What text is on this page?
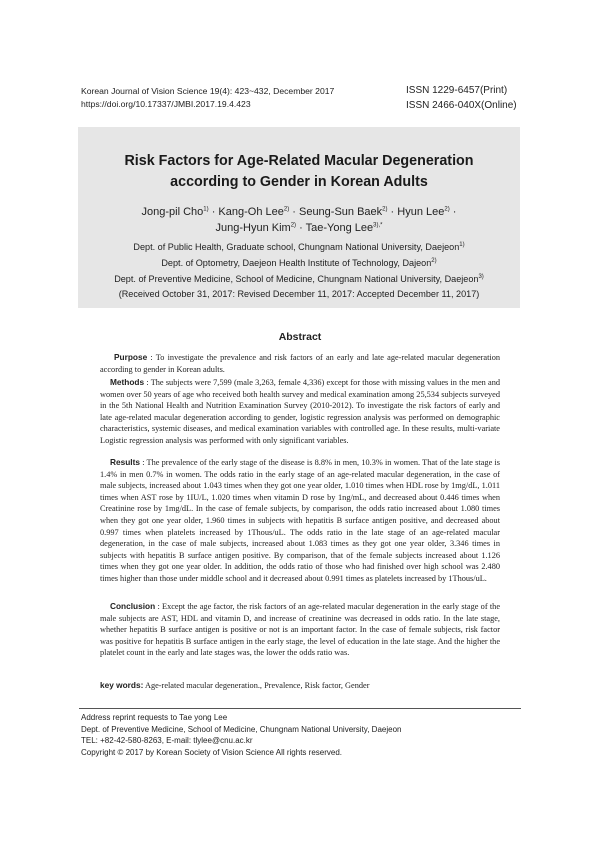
Korean Journal of Vision Science 19(4): 423~432, December 2017
https://doi.org/10.17337/JMBI.2017.19.4.423
ISSN 1229-6457(Print)
ISSN 2466-040X(Online)
Risk Factors for Age-Related Macular Degeneration
according to Gender in Korean Adults
Jong-pil Cho$^{1)}$ · Kang-Oh Lee$^{2)}$ · Seung-Sun Baek$^{2)}$ · Hyun Lee$^{2)}$ ·
Jung-Hyun Kim$^{2)}$ · Tae-Yong Lee$^{3),*}$
Dept. of Public Health, Graduate school, Chungnam National University, Daejeon$^{1)}$
Dept. of Optometry, Daejeon Health Institute of Technology, Dajeon$^{2)}$
Dept. of Preventive Medicine, School of Medicine, Chungnam National University, Daejeon$^{3)}$
(Received October 31, 2017: Revised December 11, 2017: Accepted December 11, 2017)
Abstract

Purpose : To investigate the prevalence and risk factors of an early and late age-related macular degeneration according to gender in Korean adults.

Methods : The subjects were 7,599 (male 3,263, female 4,336) except for those with missing values in the men and women over 50 years of age who received both health survey and medical examination among 25,534 subjects surveyed in the 5th National Health and Nutrition Examination Survey (2010-2012). To investigate the risk factors of early and late age-related macular degeneration according to gender, logistic regression analysis was performed on demographic characteristics, systemic diseases, and medical examination variables with controlled age. In these results, multi-variate Logistic regression analysis was performed with only significant variables.

Results : The prevalence of the early stage of the disease is 8.8% in men, 10.3% in women. That of the late stage is 1.4% in men 0.7% in women. The odds ratio in the early stage of an age-related macular degeneration, in the case of male subjects, increased about 1.043 times when they got one year older, 1.010 times when HDL rose by 1mg/dL, 1.011 times when AST rose by 1IU/L, 1.020 times when vitamin D rose by 1ng/mL, and decreased about 0.446 times when Creatinine rose by 1mg/dL. In the case of female subjects, by comparison, the odds ratio increased about 1.080 times when they got one year older, 1.960 times in subjects with hepatitis B surface antigen positive, and decreased about 0.997 times when platelets increased by 1Thous/uL. The odds ratio in the late stage of an age-related macular degeneration, in the case of male subjects, increased about 1.083 times as they got one year older, 3.346 times in subjects with hepatitis B surface antigen positive. By comparison, that of the female subjects increased about 1.126 times when they got one year older. In addition, the odds ratio of those who had finished over high school was 2.480 times higher than those under middle school and it decreased about 0.991 times as platelets increased by 1Thous/uL.

Conclusion : Except the age factor, the risk factors of an age-related macular degeneration in the early stage of the male subjects are AST, HDL and vitamin D, and increase of creatinine was decreased in odds ratio. In the late stage, whether hepatitis B surface antigen is positive or not is an important factor. In the case of female subjects, risk factor was positive for hepatitis B surface antigen in the early stage, the level of education in the late stage. And the higher the platelet count in the early and late stages was, the lower the odds ratio was.

key words: Age-related macular degeneration., Prevalence, Risk factor, Gender
Address reprint requests to Tae yong Lee
Dept. of Preventive Medicine, School of Medicine, Chungnam National University, Daejeon
TEL: +82-42-580-8263, E-mail: tlylee@cnu.ac.kr
Copyright © 2017 by Korean Society of Vision Science All rights reserved.
